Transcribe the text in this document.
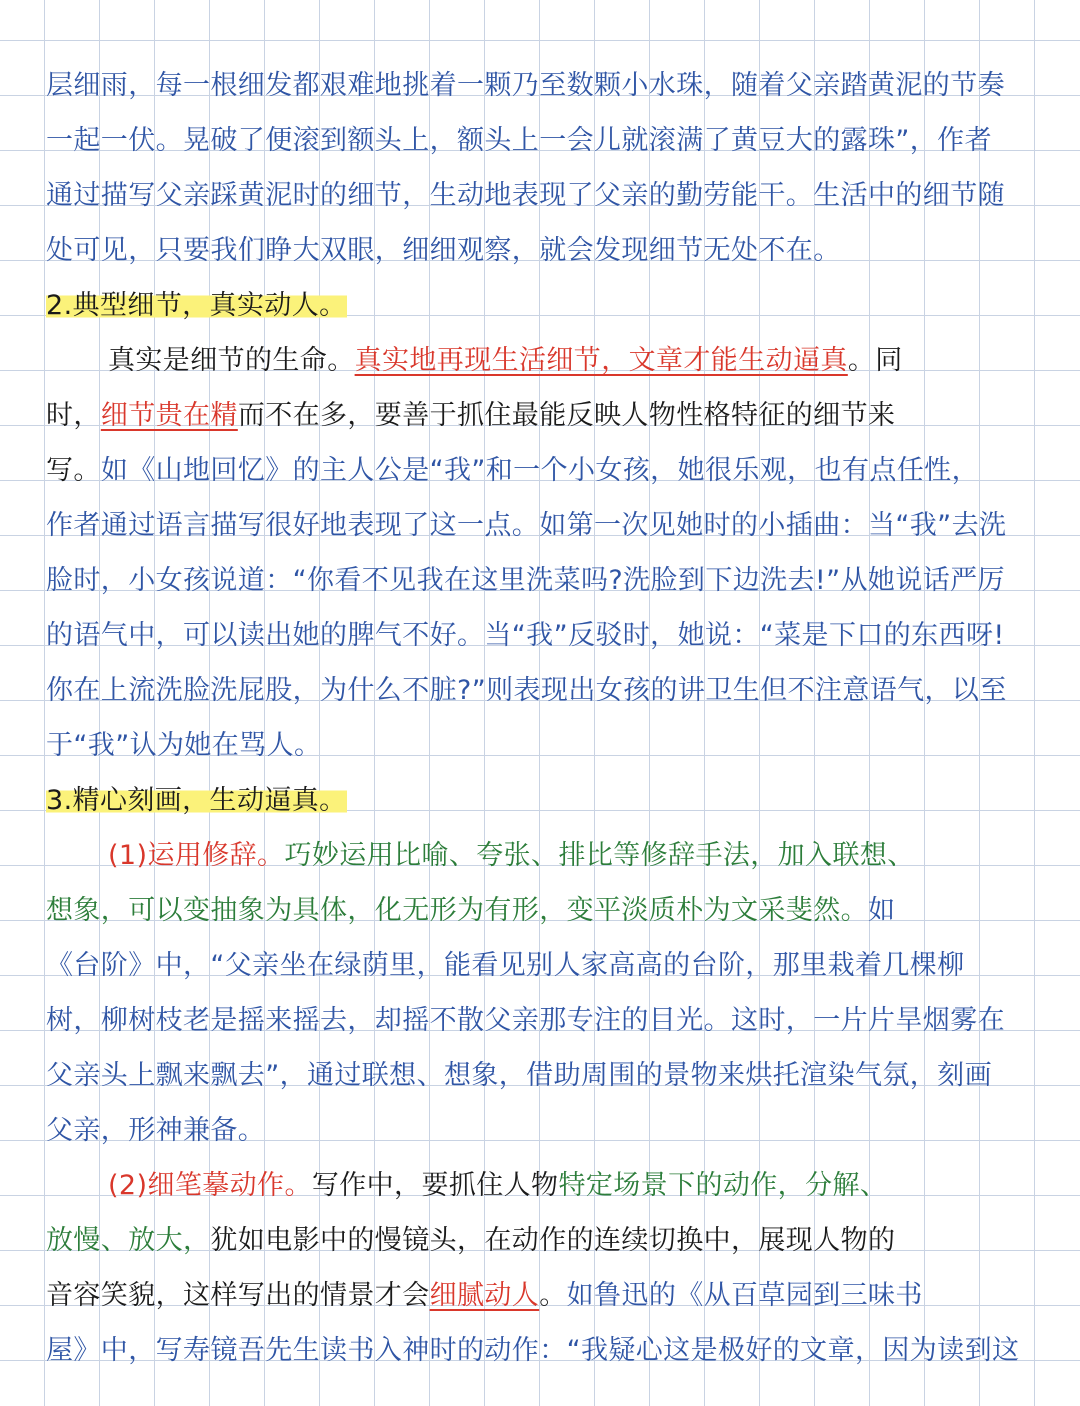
层细雨，每一根细发都艰难地挑着一颗乃至数颗小水珠，随着父亲踏黄泥的节奏
一起一伏。晃破了便滚到额头上，额头上一会儿就滚满了黄豆大的露珠”，作者
通过描写父亲踩黄泥时的细节，生动地表现了父亲的勤劳能干。生活中的细节随
处可见，只要我们睁大双眼，细细观察，就会发现细节无处不在。
2.典型细节，真实动人。
真实是细节的生命。真实地再现生活细节，文章才能生动逼真。同
时，细节贵在精而不在多，要善于抓住最能反映人物性格特征的细节来
写。如《山地回忆》的主人公是“我”和一个小女孩，她很乐观，也有点任性，
作者通过语言描写很好地表现了这一点。如第一次见她时的小插曲：当“我”去洗
脸时，小女孩说道：“你看不见我在这里洗菜吗?洗脸到下边洗去!”从她说话严厉
的语气中，可以读出她的脾气不好。当“我”反驳时，她说：“菜是下口的东西呀!
你在上流洗脸洗屁股，为什么不脏?”则表现出女孩的讲卫生但不注意语气，以至
于“我”认为她在骂人。
3.精心刻画，生动逼真。
(1)运用修辞。巧妙运用比喻、夸张、排比等修辞手法，加入联想、
想象，可以变抽象为具体，化无形为有形，变平淡质朴为文采斐然。如
《台阶》中，“父亲坐在绿荫里，能看见别人家高高的台阶，那里栽着几棵柳
树，柳树枝老是摇来摇去，却摇不散父亲那专注的目光。这时，一片片旱烟雾在
父亲头上飘来飘去”，通过联想、想象，借助周围的景物来烘托渲染气氛，刻画
父亲，形神兼备。
(2)细笔摹动作。写作中，要抓住人物特定场景下的动作，分解、
放慢、放大，犹如电影中的慢镜头，在动作的连续切换中，展现人物的
音容笑貌，这样写出的情景才会细腻动人。如鲁迅的《从百草园到三味书
屋》中，写寿镜吾先生读书入神时的动作：“我疑心这是极好的文章，因为读到这
